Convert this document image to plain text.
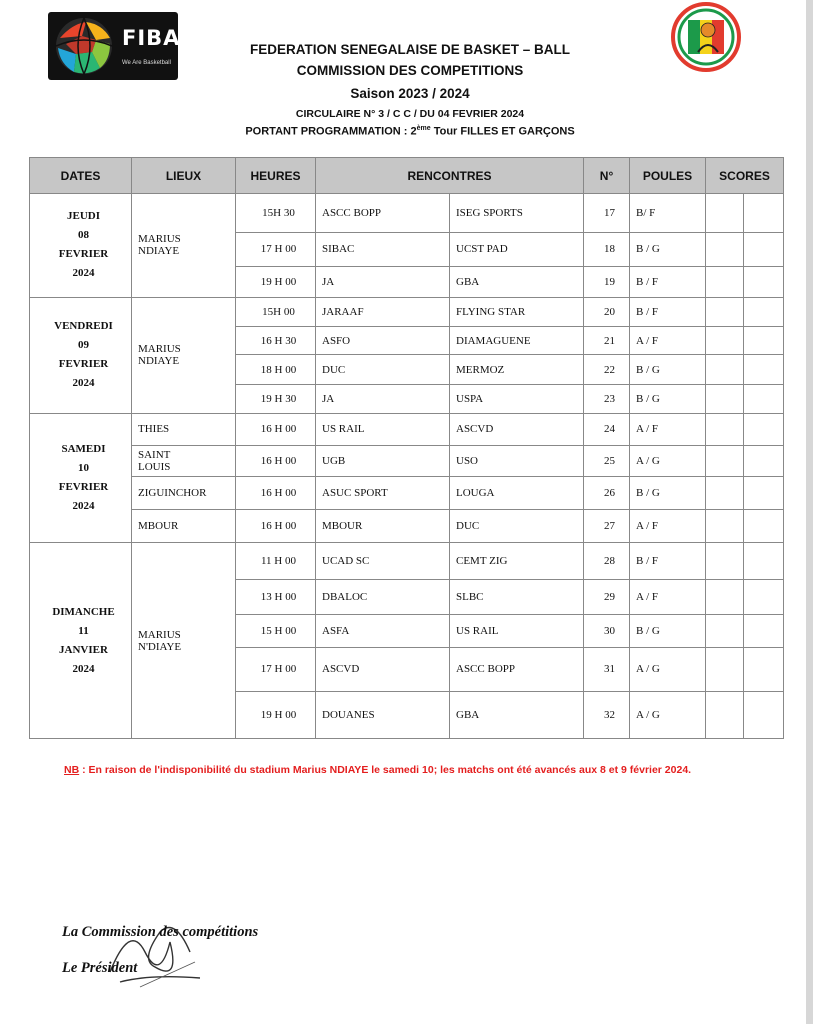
FIBA
We Are Basketball
FEDERATION SENEGALAISE DE BASKET – BALL
COMMISSION DES COMPETITIONS
Saison 2023 / 2024
CIRCULAIRE N° 3 / C C / DU 04 FEVRIER 2024
PORTANT PROGRAMMATION : 2ème Tour FILLES ET GARÇONS
DATES	LIEUX	HEURES	RENCONTRES		N°	POULES	SCORES	
JEUDI
08
FEVRIER
2024	MARIUS
NDIAYE	15H 30	ASCC BOPP	ISEG SPORTS	17	B/ F		
		17 H 00	SIBAC	UCST PAD	18	B / G		
		19 H 00	JA	GBA	19	B / F		
VENDREDI
09
FEVRIER
2024	MARIUS
NDIAYE	15H 00	JARAAF	FLYING STAR	20	B / F		
		16 H 30	ASFO	DIAMAGUENE	21	A / F		
		18 H 00	DUC	MERMOZ	22	B / G		
		19 H 30	JA	USPA	23	B / G		
SAMEDI
10
FEVRIER
2024	THIES	16 H 00	US RAIL	ASCVD	24	A / F		
	SAINT
LOUIS	16 H 00	UGB	USO	25	A / G		
	ZIGUINCHOR	16 H 00	ASUC SPORT	LOUGA	26	B / G		
	MBOUR	16 H 00	MBOUR	DUC	27	A / F		
DIMANCHE
11
JANVIER
2024	MARIUS
N'DIAYE	11 H 00	UCAD SC	CEMT ZIG	28	B / F		
		13 H 00	DBALOC	SLBC	29	A / F		
		15 H 00	ASFA	US RAIL	30	B / G		
		17 H 00	ASCVD	ASCC BOPP	31	A / G		
		19 H 00	DOUANES	GBA	32	A / G		
NB : En raison de l'indisponibilité du stadium Marius NDIAYE le samedi 10; les matchs ont été avancés aux 8 et 9 février 2024.
La Commission des compétitions
Le Président
